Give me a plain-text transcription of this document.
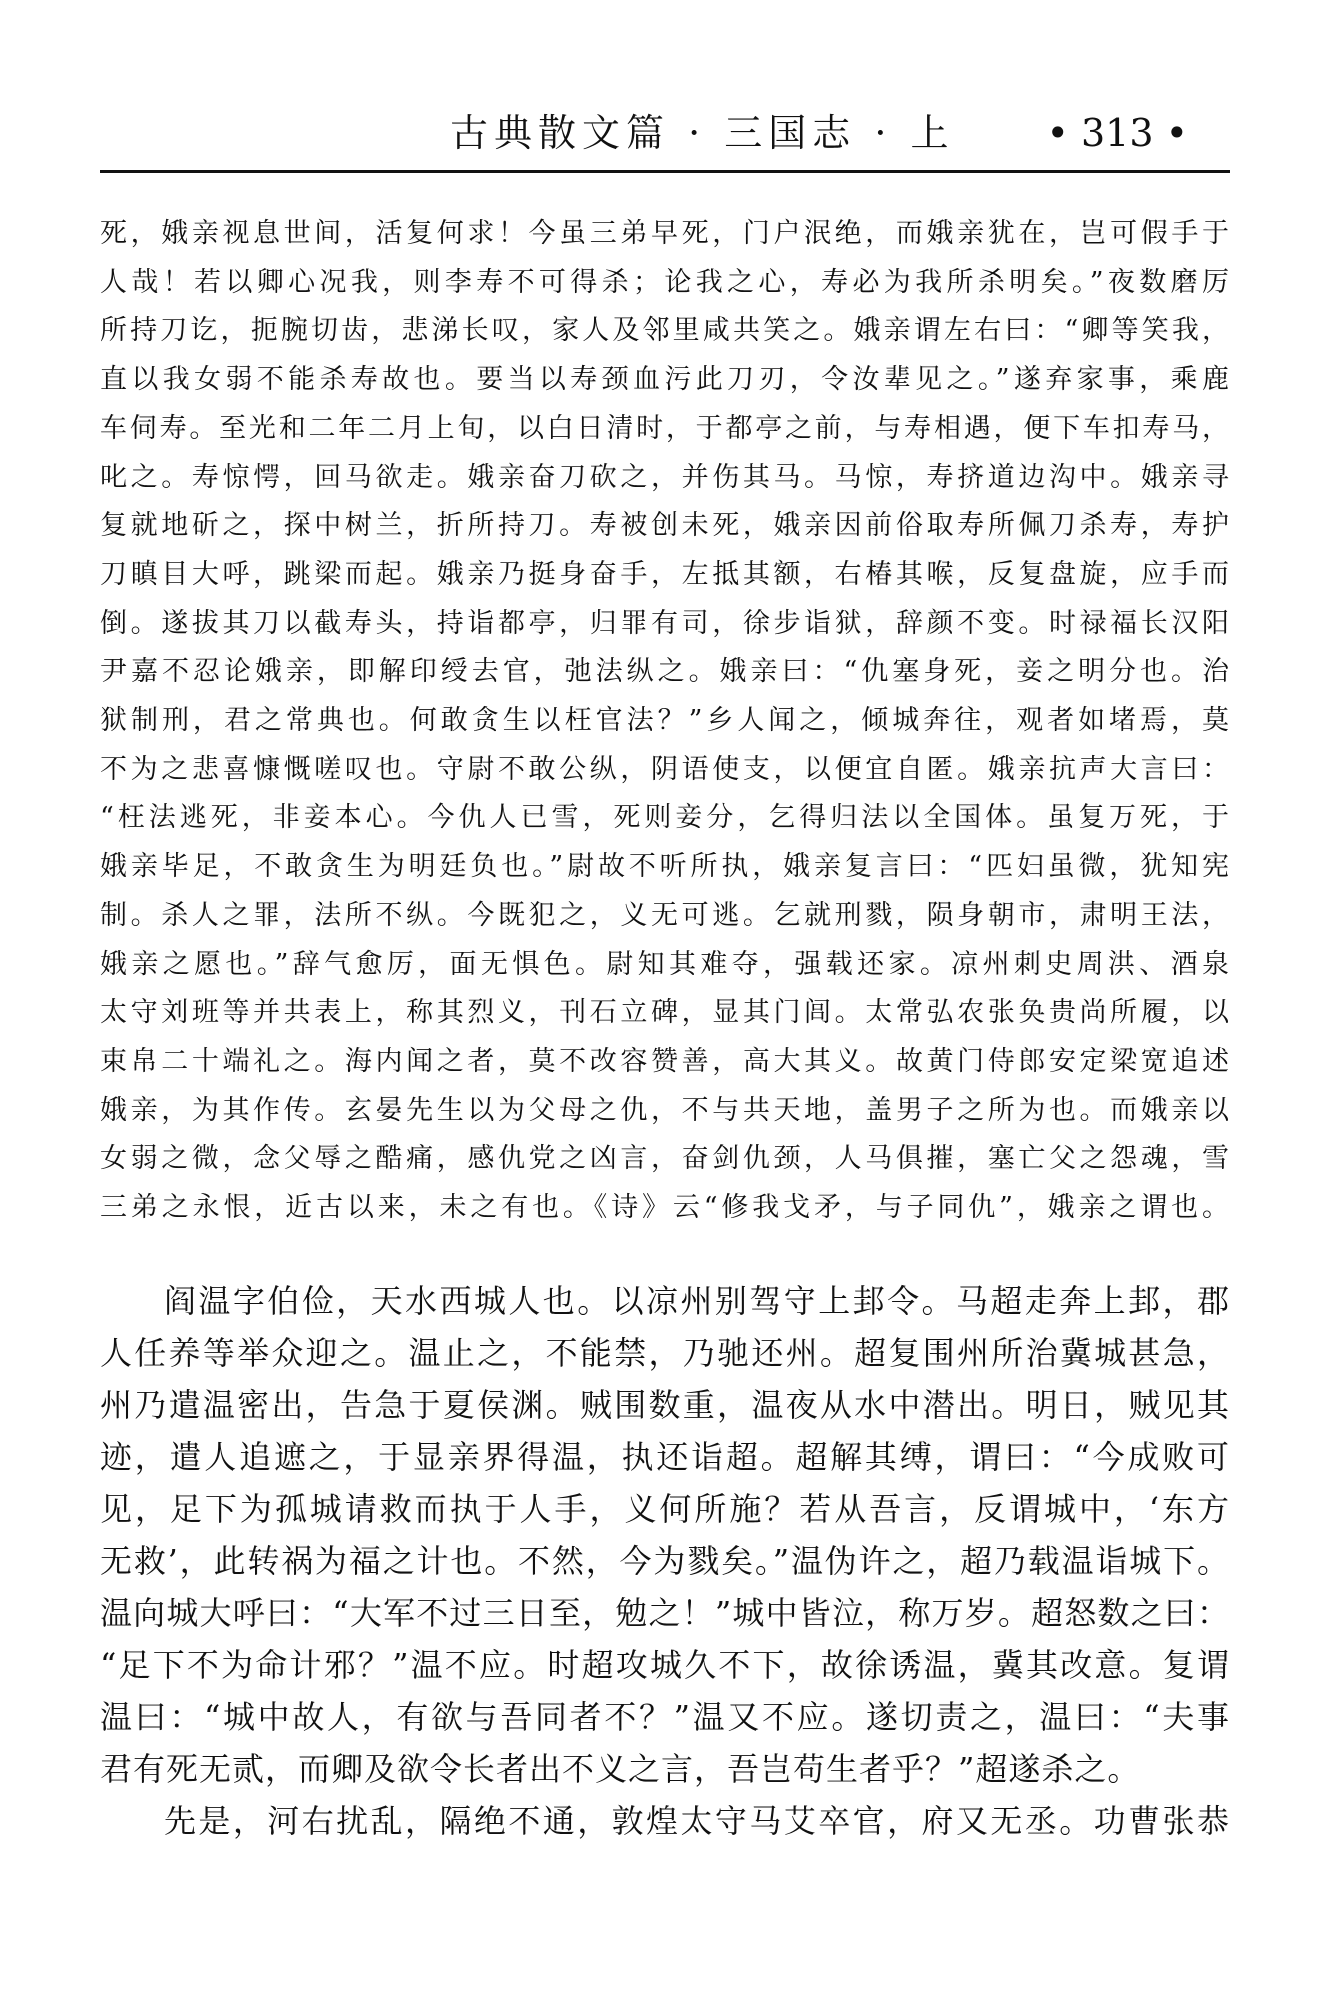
古典散文篇 · 三国志 · 上 • 313 •
死，娥亲视息世间，活复何求！今虽三弟早死，门户泯绝，而娥亲犹在，岂可假手于
人哉！若以卿心况我，则李寿不可得杀；论我之心，寿必为我所杀明矣。”夜数磨厉
所持刀讫，扼腕切齿，悲涕长叹，家人及邻里咸共笑之。娥亲谓左右曰：“卿等笑我，
直以我女弱不能杀寿故也。要当以寿颈血污此刀刃，令汝辈见之。”遂弃家事，乘鹿
车伺寿。至光和二年二月上旬，以白日清时，于都亭之前，与寿相遇，便下车扣寿马，
叱之。寿惊愕，回马欲走。娥亲奋刀砍之，并伤其马。马惊，寿挤道边沟中。娥亲寻
复就地斫之，探中树兰，折所持刀。寿被创未死，娥亲因前俗取寿所佩刀杀寿，寿护
刀瞋目大呼，跳梁而起。娥亲乃挺身奋手，左抵其额，右椿其喉，反复盘旋，应手而
倒。遂拔其刀以截寿头，持诣都亭，归罪有司，徐步诣狱，辞颜不变。时禄福长汉阳
尹嘉不忍论娥亲，即解印绶去官，弛法纵之。娥亲曰：“仇塞身死，妾之明分也。治
狱制刑，君之常典也。何敢贪生以枉官法？”乡人闻之，倾城奔往，观者如堵焉，莫
不为之悲喜慷慨嗟叹也。守尉不敢公纵，阴语使支，以便宜自匿。娥亲抗声大言曰：
“枉法逃死，非妾本心。今仇人已雪，死则妾分，乞得归法以全国体。虽复万死，于
娥亲毕足，不敢贪生为明廷负也。”尉故不听所执，娥亲复言曰：“匹妇虽微，犹知宪
制。杀人之罪，法所不纵。今既犯之，义无可逃。乞就刑戮，陨身朝市，肃明王法，
娥亲之愿也。”辞气愈厉，面无惧色。尉知其难夺，强载还家。凉州刺史周洪、酒泉
太守刘班等并共表上，称其烈义，刊石立碑，显其门闾。太常弘农张奂贵尚所履，以
束帛二十端礼之。海内闻之者，莫不改容赞善，高大其义。故黄门侍郎安定梁宽追述
娥亲，为其作传。玄晏先生以为父母之仇，不与共天地，盖男子之所为也。而娥亲以
女弱之微，念父辱之酷痛，感仇党之凶言，奋剑仇颈，人马俱摧，塞亡父之怨魂，雪
三弟之永恨，近古以来，未之有也。《诗》云“修我戈矛，与子同仇”，娥亲之谓也。
阎温字伯俭，天水西城人也。以凉州别驾守上邽令。马超走奔上邽，郡
人任养等举众迎之。温止之，不能禁，乃驰还州。超复围州所治冀城甚急，
州乃遣温密出，告急于夏侯渊。贼围数重，温夜从水中潜出。明日，贼见其
迹，遣人追遮之，于显亲界得温，执还诣超。超解其缚，谓曰：“今成败可
见，足下为孤城请救而执于人手，义何所施？若从吾言，反谓城中，‘东方
无救’，此转祸为福之计也。不然，今为戮矣。”温伪许之，超乃载温诣城下。
温向城大呼曰：“大军不过三日至，勉之！”城中皆泣，称万岁。超怒数之曰：
“足下不为命计邪？”温不应。时超攻城久不下，故徐诱温，冀其改意。复谓
温曰：“城中故人，有欲与吾同者不？”温又不应。遂切责之，温曰：“夫事
君有死无贰，而卿及欲令长者出不义之言，吾岂苟生者乎？”超遂杀之。
先是，河右扰乱，隔绝不通，敦煌太守马艾卒官，府又无丞。功曹张恭
